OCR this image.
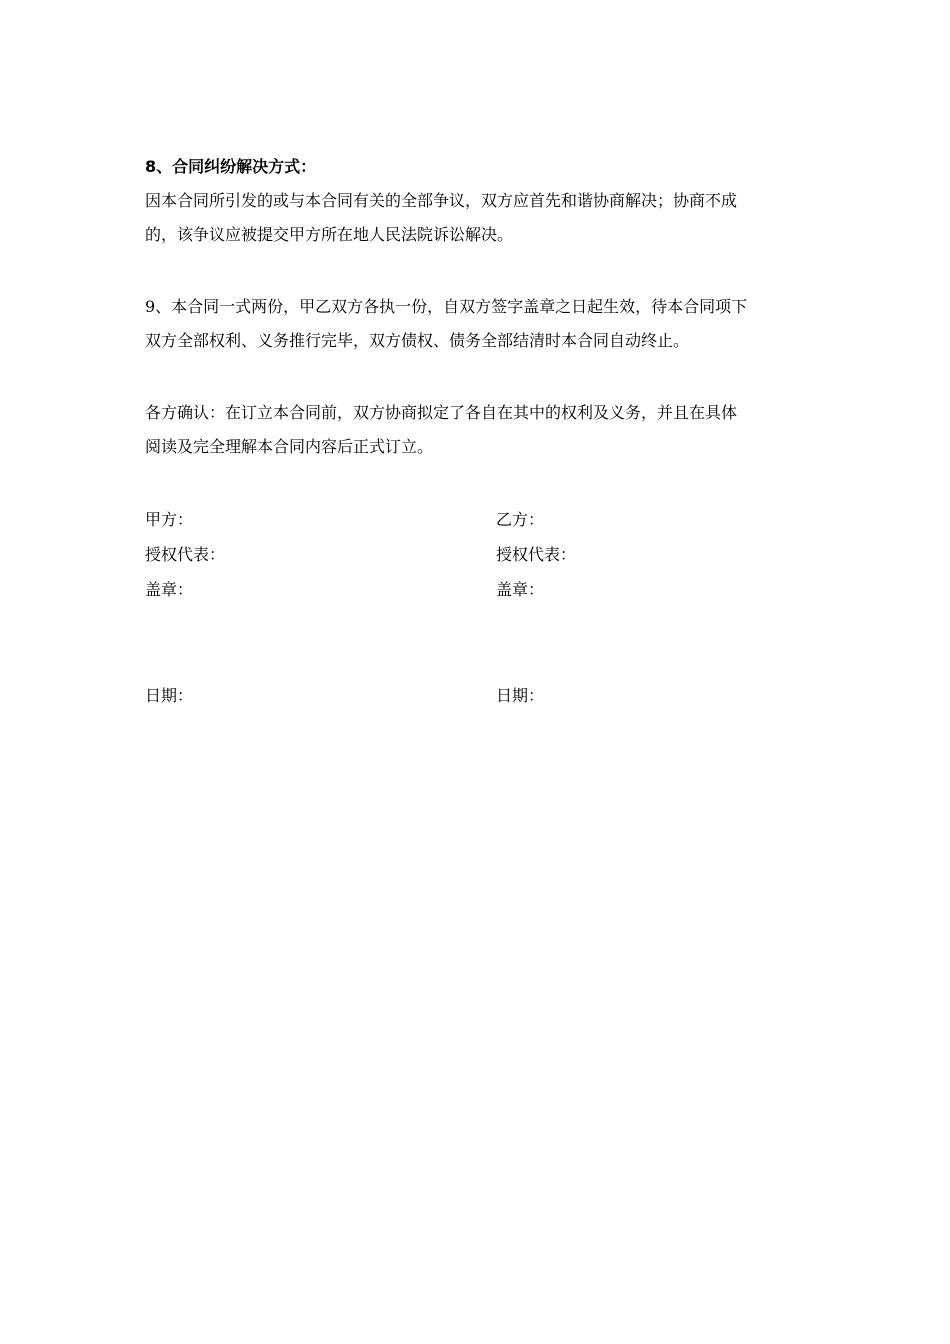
8、合同纠纷解决方式：
因本合同所引发的或与本合同有关的全部争议，双方应首先和谐协商解决；协商不成
的，该争议应被提交甲方所在地人民法院诉讼解决。
9、本合同一式两份，甲乙双方各执一份，自双方签字盖章之日起生效，待本合同项下
双方全部权利、义务推行完毕，双方债权、债务全部结清时本合同自动终止。
各方确认：在订立本合同前，双方协商拟定了各自在其中的权利及义务，并且在具体
阅读及完全理解本合同内容后正式订立。
甲方：
授权代表：
盖章：
日期：
乙方：
授权代表：
盖章：
日期：
